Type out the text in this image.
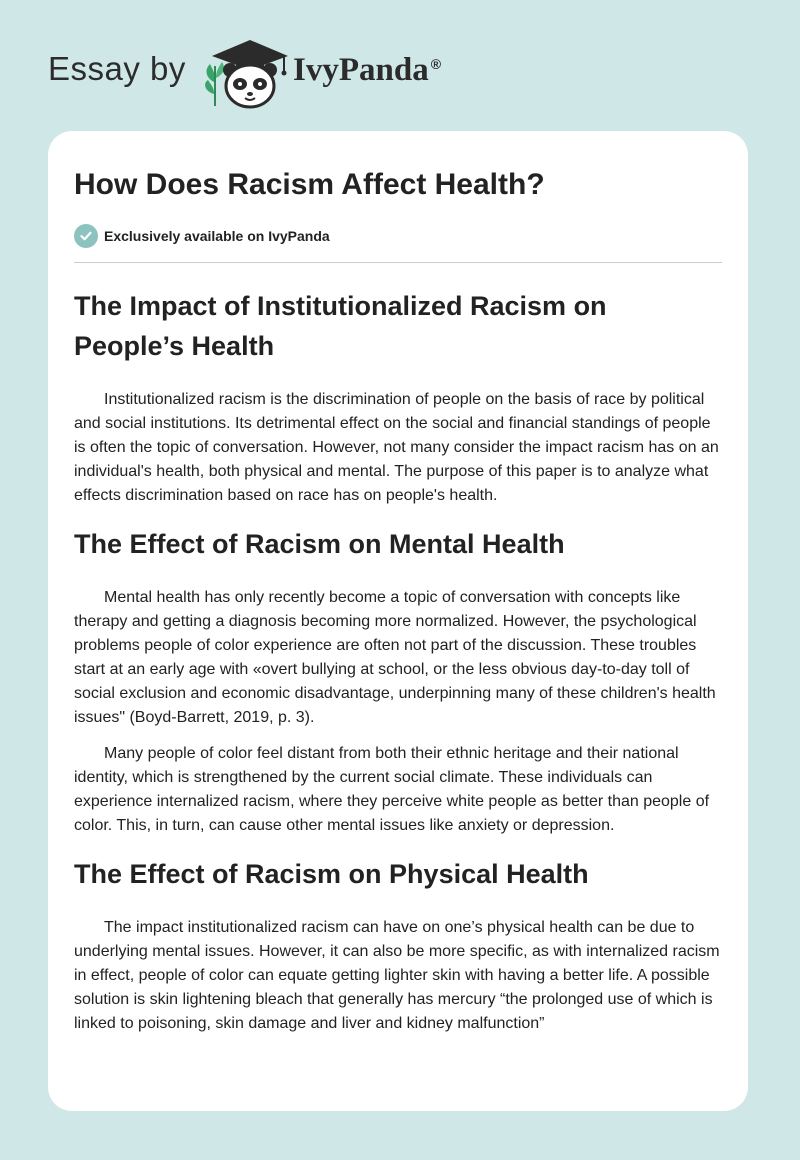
Essay by	IvyPanda ®
How Does Racism Affect Health?
Exclusively available on IvyPanda
The Impact of Institutionalized Racism on People’s Health

Institutionalized racism is the discrimination of people on the basis of race by political and social institutions. Its detrimental effect on the social and financial standings of people is often the topic of conversation. However, not many consider the impact racism has on an individual's health, both physical and mental. The purpose of this paper is to analyze what effects discrimination based on race has on people's health.

The Effect of Racism on Mental Health

Mental health has only recently become a topic of conversation with concepts like therapy and getting a diagnosis becoming more normalized. However, the psychological problems people of color experience are often not part of the discussion. These troubles start at an early age with «overt bullying at school, or the less obvious day-to-day toll of social exclusion and economic disadvantage, underpinning many of these children's health issues" (Boyd-Barrett, 2019, p. 3).

Many people of color feel distant from both their ethnic heritage and their national identity, which is strengthened by the current social climate. These individuals can experience internalized racism, where they perceive white people as better than people of color. This, in turn, can cause other mental issues like anxiety or depression.

The Effect of Racism on Physical Health

The impact institutionalized racism can have on one’s physical health can be due to underlying mental issues. However, it can also be more specific, as with internalized racism in effect, people of color can equate getting lighter skin with having a better life. A possible solution is skin lightening bleach that generally has mercury “the prolonged use of which is linked to poisoning, skin damage and liver and kidney malfunction”
